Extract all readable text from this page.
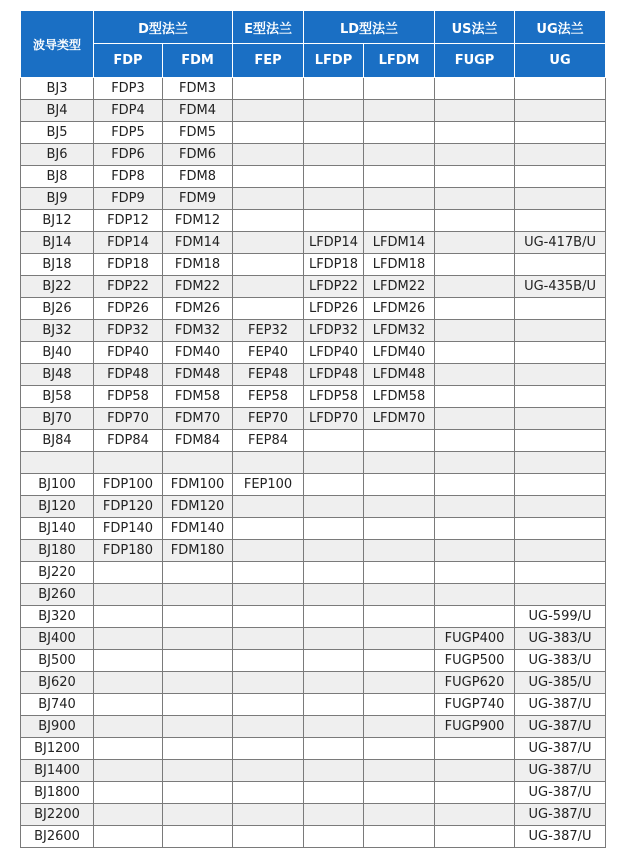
波导类型	D型法兰		E型法兰	LD型法兰		US法兰	UG法兰
	FDP	FDM	FEP	LFDP	LFDM	FUGP	UG
BJ3	FDP3	FDM3					
BJ4	FDP4	FDM4					
BJ5	FDP5	FDM5					
BJ6	FDP6	FDM6					
BJ8	FDP8	FDM8					
BJ9	FDP9	FDM9					
BJ12	FDP12	FDM12					
BJ14	FDP14	FDM14		LFDP14	LFDM14		UG-417B/U
BJ18	FDP18	FDM18		LFDP18	LFDM18		
BJ22	FDP22	FDM22		LFDP22	LFDM22		UG-435B/U
BJ26	FDP26	FDM26		LFDP26	LFDM26		
BJ32	FDP32	FDM32	FEP32	LFDP32	LFDM32		
BJ40	FDP40	FDM40	FEP40	LFDP40	LFDM40		
BJ48	FDP48	FDM48	FEP48	LFDP48	LFDM48		
BJ58	FDP58	FDM58	FEP58	LFDP58	LFDM58		
BJ70	FDP70	FDM70	FEP70	LFDP70	LFDM70		
BJ84	FDP84	FDM84	FEP84				

BJ100	FDP100	FDM100	FEP100				
BJ120	FDP120	FDM120					
BJ140	FDP140	FDM140					
BJ180	FDP180	FDM180					
BJ220							
BJ260							
BJ320							UG-599/U
BJ400						FUGP400	UG-383/U
BJ500						FUGP500	UG-383/U
BJ620						FUGP620	UG-385/U
BJ740						FUGP740	UG-387/U
BJ900						FUGP900	UG-387/U
BJ1200							UG-387/U
BJ1400							UG-387/U
BJ1800							UG-387/U
BJ2200							UG-387/U
BJ2600							UG-387/U
